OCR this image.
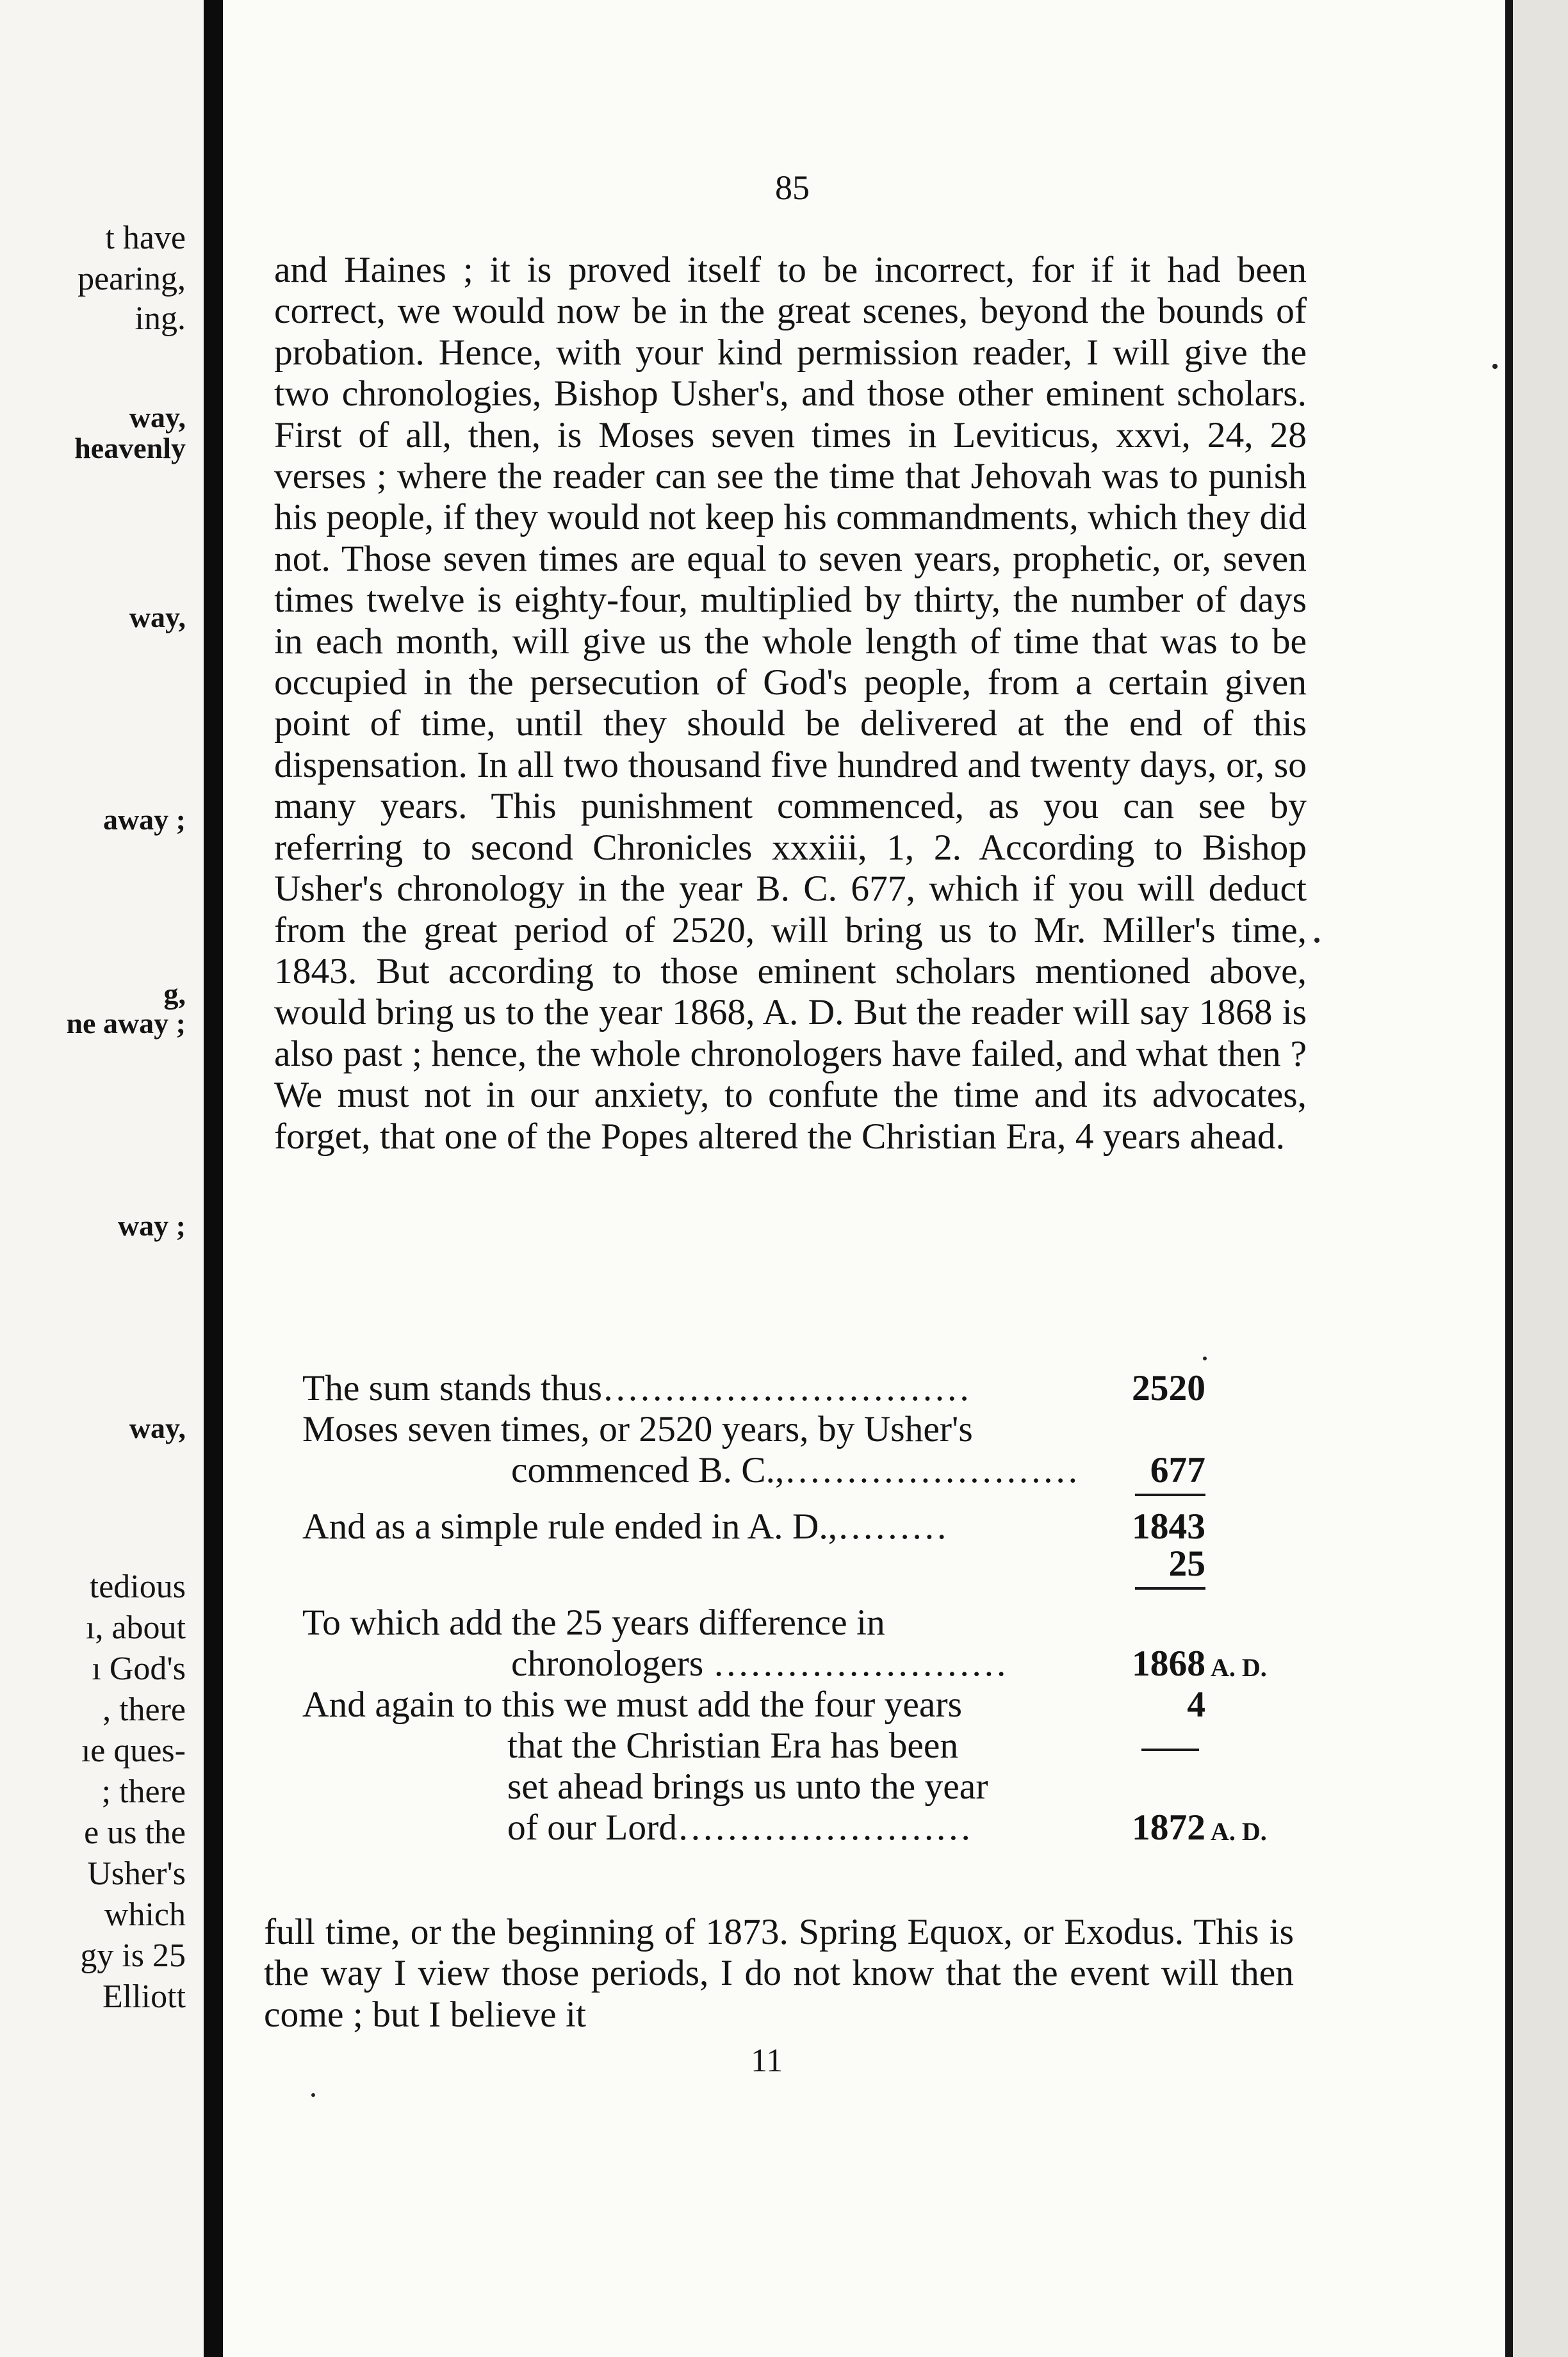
t have
pearing,
ing.
way,
heavenly
way,
away ;
g,
ne away ;
way ;
way,
tedious
ı, about
ı God's
, there
ıe ques-
; there
e us the
Usher's
which
gy is 25
Elliott
85

and Haines ; it is proved itself to be incorrect, for if it had been correct, we would now be in the great scenes, beyond the bounds of probation. Hence, with your kind permission reader, I will give the two chronologies, Bishop Usher's, and those other eminent scholars. First of all, then, is Moses seven times in Leviticus, xxvi, 24, 28 verses ; where the reader can see the time that Jehovah was to punish his people, if they would not keep his commandments, which they did not. Those seven times are equal to seven years, prophetic, or, seven times twelve is eighty-four, multiplied by thirty, the number of days in each month, will give us the whole length of time that was to be occupied in the persecution of God's people, from a certain given point of time, until they should be delivered at the end of this dispensation. In all two thousand five hundred and twenty days, or, so many years. This punishment commenced, as you can see by referring to second Chronicles xxxiii, 1, 2. According to Bishop Usher's chronology in the year B. C. 677, which if you will deduct from the great period of 2520, will bring us to Mr. Miller's time, 1843. But according to those eminent scholars mentioned above, would bring us to the year 1868, A. D. But the reader will say 1868 is also past ; hence, the whole chronologers have failed, and what then ? We must not in our anxiety, to confute the time and its advocates, forget, that one of the Popes altered the Christian Era, 4 years ahead.

The sum stands thus…………………………	2520
Moses seven times, or 2520 years, by Usher's
commenced B. C.,……………………	677
And as a simple rule ended in A. D.,………	1843
25
To which add the 25 years difference in
chronologers ……………………	1868 A. D.
And again to this we must add the four years	4
that the Christian Era has been
set ahead brings us unto the year
of our Lord……………………	1872 A. D.

full time, or the beginning of 1873. Spring Equox, or Exodus. This is the way I view those periods, I do not know that the event will then come ; but I believe it

11
